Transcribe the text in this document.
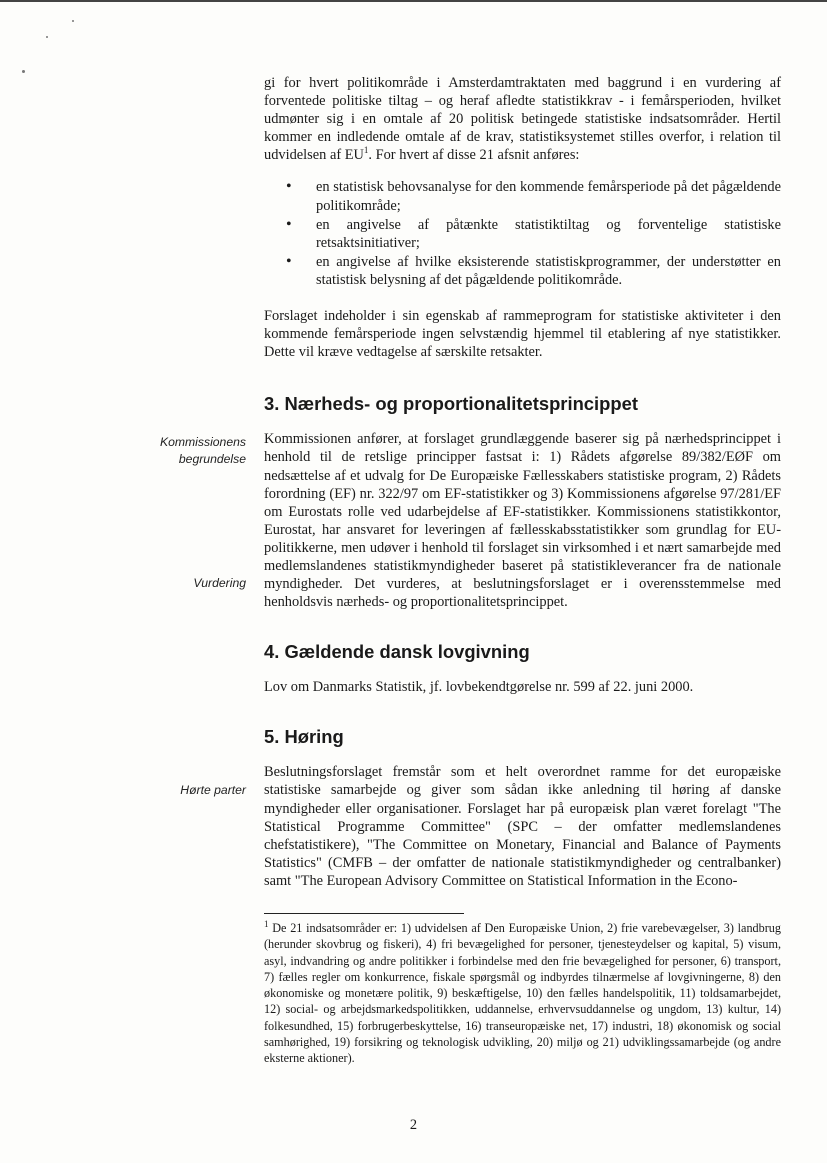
gi for hvert politikområde i Amsterdamtraktaten med baggrund i en vurdering af forventede politiske tiltag – og heraf afledte statistikkrav - i femårsperioden, hvilket udmønter sig i en omtale af 20 politisk betingede statistiske indsatsområder. Hertil kommer en indledende omtale af de krav, statistiksystemet stilles overfor, i relation til udvidelsen af $EU^1$. For hvert af disse 21 afsnit anføres:

• en statistisk behovsanalyse for den kommende femårsperiode på det pågældende politikområde;
• en angivelse af påtænkte statistiktiltag og forventelige statistiske retsaktsinitiativer;
• en angivelse af hvilke eksisterende statistiskprogrammer, der understøtter en statistisk belysning af det pågældende politikområde.

Forslaget indeholder i sin egenskab af rammeprogram for statistiske aktiviteter i den kommende femårsperiode ingen selvstændig hjemmel til etablering af nye statistikker. Dette vil kræve vedtagelse af særskilte retsakter.

3. Nærheds- og proportionalitetsprincippet

Kommissionen anfører, at forslaget grundlæggende baserer sig på nærhedsprincippet i henhold til de retslige principper fastsat i: 1) Rådets afgørelse 89/382/EØF om nedsættelse af et udvalg for De Europæiske Fællesskabers statistiske program, 2) Rådets forordning (EF) nr. 322/97 om EF-statistikker og 3) Kommissionens afgørelse 97/281/EF om Eurostats rolle ved udarbejdelse af EF-statistikker. Kommissionens statistikkontor, Eurostat, har ansvaret for leveringen af fællesskabsstatistikker som grundlag for EU-politikkerne, men udøver i henhold til forslaget sin virksomhed i et nært samarbejde med medlemslandenes statistikmyndigheder baseret på statistikleverancer fra de nationale myndigheder. Det vurderes, at beslutningsforslaget er i overensstemmelse med henholdsvis nærheds- og proportionalitetsprincippet.

4. Gældende dansk lovgivning

Lov om Danmarks Statistik, jf. lovbekendtgørelse nr. 599 af 22. juni 2000.

5. Høring

Beslutningsforslaget fremstår som et helt overordnet ramme for det europæiske statistiske samarbejde og giver som sådan ikke anledning til høring af danske myndigheder eller organisationer. Forslaget har på europæisk plan været forelagt "The Statistical Programme Committee" (SPC – der omfatter medlemslandenes chefstatistikere), "The Committee on Monetary, Financial and Balance of Payments Statistics" (CMFB – der omfatter de nationale statistikmyndigheder og centralbanker) samt "The European Advisory Committee on Statistical Information in the Econo-

Kommissionens begrundelse
Vurdering
Hørte parter

$^1$ De 21 indsatsområder er: 1) udvidelsen af Den Europæiske Union, 2) frie varebevægelser, 3) landbrug (herunder skovbrug og fiskeri), 4) fri bevægelighed for personer, tjenesteydelser og kapital, 5) visum, asyl, indvandring og andre politikker i forbindelse med den frie bevægelighed for personer, 6) transport, 7) fælles regler om konkurrence, fiskale spørgsmål og indbyrdes tilnærmelse af lovgivningerne, 8) den økonomiske og monetære politik, 9) beskæftigelse, 10) den fælles handelspolitik, 11) toldsamarbejdet, 12) social- og arbejdsmarkedspolitikken, uddannelse, erhvervsuddannelse og ungdom, 13) kultur, 14) folkesundhed, 15) forbrugerbeskyttelse, 16) transeuropæiske net, 17) industri, 18) økonomisk og social samhørighed, 19) forsikring og teknologisk udvikling, 20) miljø og 21) udviklingssamarbejde (og andre eksterne aktioner).

2
